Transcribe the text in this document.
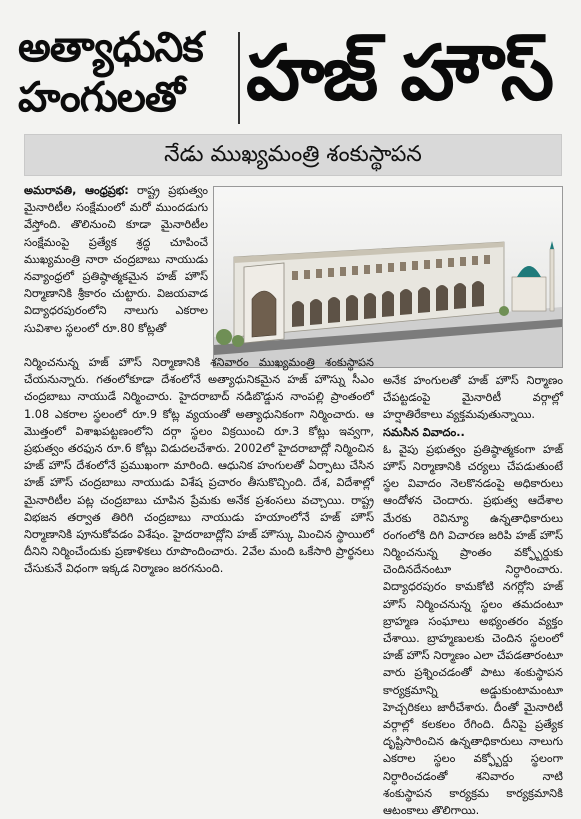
అత్యాధునిక
హంగులతో హజ్ హౌస్
నేడు ముఖ్యమంత్రి శంకుస్థాపన

అమరావతి, ఆంధ్రప్రభ: రాష్ట్ర ప్రభుత్వం మైనారిటీల సంక్షేమంలో మరో ముందడుగు వేస్తోంది. తొలినుంచి కూడా మైనారిటీల సంక్షేమంపై ప్రత్యేక శ్రద్ధ చూపించే ముఖ్యమంత్రి నారా చంద్రబాబు నాయుడు నవ్యాంధ్రలో ప్రతిష్ఠాత్మకమైన హజ్ హౌస్ నిర్మాణానికి శ్రీకారం చుట్టారు. విజయవాడ విద్యాధరపురంలోని నాలుగు ఎకరాల సువిశాల స్థలంలో రూ.80 కోట్లతో

నిర్మించనున్న హజ్ హౌస్ నిర్మాణానికి శనివారం ముఖ్యమంత్రి శంకుస్థాపన చేయనున్నారు. గతంలోకూడా దేశంలోనే అత్యాధునికమైన హజ్ హౌస్ను సీఎం చంద్రబాబు నాయుడే నిర్మించారు. హైదరాబాద్ నడిబొడ్డున నాంపల్లి ప్రాంతంలో 1.08 ఎకరాల స్థలంలో రూ.9 కోట్ల వ్యయంతో అత్యాధునికంగా నిర్మించారు. ఆ మొత్తంలో విశాఖపట్టణంలోని దర్గా స్థలం విక్రయించి రూ.3 కోట్లు ఇవ్వగా, ప్రభుత్వం తరఫున రూ.6 కోట్లు విడుదలచేశారు. 2002లో హైదరాబాద్లో నిర్మించిన హజ్ హౌస్ దేశంలోనే ప్రముఖంగా మారింది. ఆధునిక హంగులతో ఏర్పాటు చేసిన హజ్ హౌస్ చంద్రబాబు నాయుడు విశేష ప్రచారం తీసుకొచ్చింది. దేశ, విదేశాల్లో మైనారిటీల పట్ల చంద్రబాబు చూపిన ప్రేమకు అనేక ప్రశంసలు వచ్చాయి. రాష్ట్ర విభజన తర్వాత తిరిగి చంద్రబాబు నాయుడు హయాంలోనే హజ్ హౌస్ నిర్మాణానికి పూనుకోవడం విశేషం. హైదరాబాద్లోని హజ్ హౌస్కు మించిన స్థాయిలో దీనిని నిర్మించేందుకు ప్రణాళికలు రూపొందించారు. 2వేల మంది ఒకేసారి ప్రార్థనలు చేసుకునే విధంగా ఇక్కడ నిర్మాణం జరగనుంది.

అనేక హంగులతో హజ్ హౌస్ నిర్మాణం చేపట్టడంపై మైనారిటీ వర్గాల్లో హర్షాతిరేకాలు వ్యక్తమవుతున్నాయి.

సమసిన వివాదం..

ఓ వైపు ప్రభుత్వం ప్రతిష్ఠాత్మకంగా హజ్ హౌస్ నిర్మాణానికి చర్యలు చేపడుతుంటే స్థల వివాదం నెలకొనడంపై అధికారులు ఆందోళన చెందారు. ప్రభుత్వ ఆదేశాల మేరకు రెవిన్యూ ఉన్నతాధికారులు రంగంలోకి దిగి విచారణ జరిపి హజ్ హౌస్ నిర్మించనున్న ప్రాంతం వక్ఫ్బోర్డుకు చెందినదేనంటూ నిర్ధారించారు. విద్యాధరపురం కామకోటి నగర్లోని హజ్ హౌస్ నిర్మించనున్న స్థలం తమదంటూ బ్రాహ్మణ సంఘాలు అభ్యంతరం వ్యక్తం చేశాయి. బ్రాహ్మణులకు చెందిన స్థలంలో హజ్ హౌస్ నిర్మాణం ఎలా చేపడతారంటూ వారు ప్రశ్నించడంతో పాటు శంకుస్థాపన కార్యక్రమాన్ని అడ్డుకుంటామంటూ హెచ్చరికలు జారీచేశారు. దీంతో మైనారిటీ వర్గాల్లో కలకలం రేగింది. దీనిపై ప్రత్యేక దృష్టిసారించిన ఉన్నతాధికారులు నాలుగు ఎకరాల స్థలం వక్ఫ్బోర్డు స్థలంగా నిర్ధారించడంతో శనివారం నాటి శంకుస్థాపన కార్యక్రమ కార్యక్రమానికి ఆటంకాలు తొలిగాయి.
